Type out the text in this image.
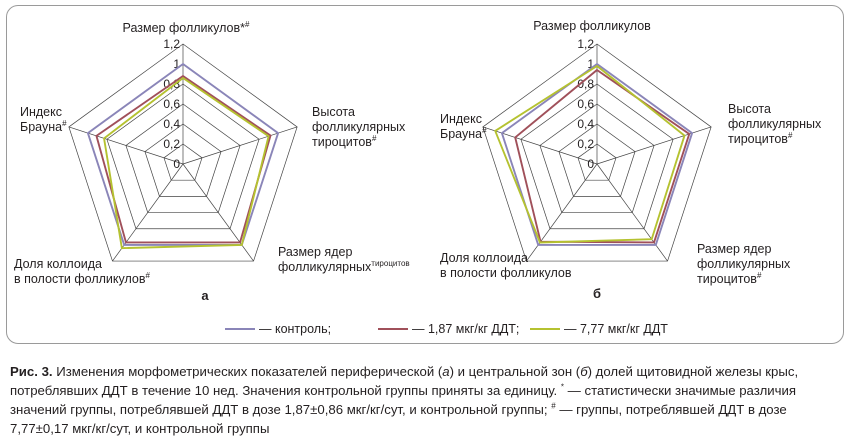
0
0,2
0,4
0,6
0,8
1
1,2
Размер фолликулов*#
Высота фолликулярных тироцитов#
Размер ядер фолликулярных$^{тироцитов}$
Доля коллоида в полости фолликулов#
Индекс Брауна#
а
0
0,2
0,4
0,6
0,8
1
1,2
Размер фолликулов
Высота фолликулярных тироцитов#
Размер ядер фолликулярных тироцитов#
Доля коллоида в полости фолликулов
Индекс Брауна#
б
— контроль;	— 1,87 мкг/кг ДДТ;	— 7,77 мкг/кг ДДТ
Рис. 3. Изменения морфометрических показателей периферической (а) и центральной зон (б) долей щитовидной железы крыс, потреблявших ДДТ в течение 10 нед. Значения контрольной группы приняты за единицу. * — статистически значимые различия значений группы, потреблявшей ДДТ в дозе 1,87±0,86 мкг/кг/сут, и контрольной группы; # — группы, потреблявшей ДДТ в дозе 7,77±0,17 мкг/кг/сут, и контрольной группы
